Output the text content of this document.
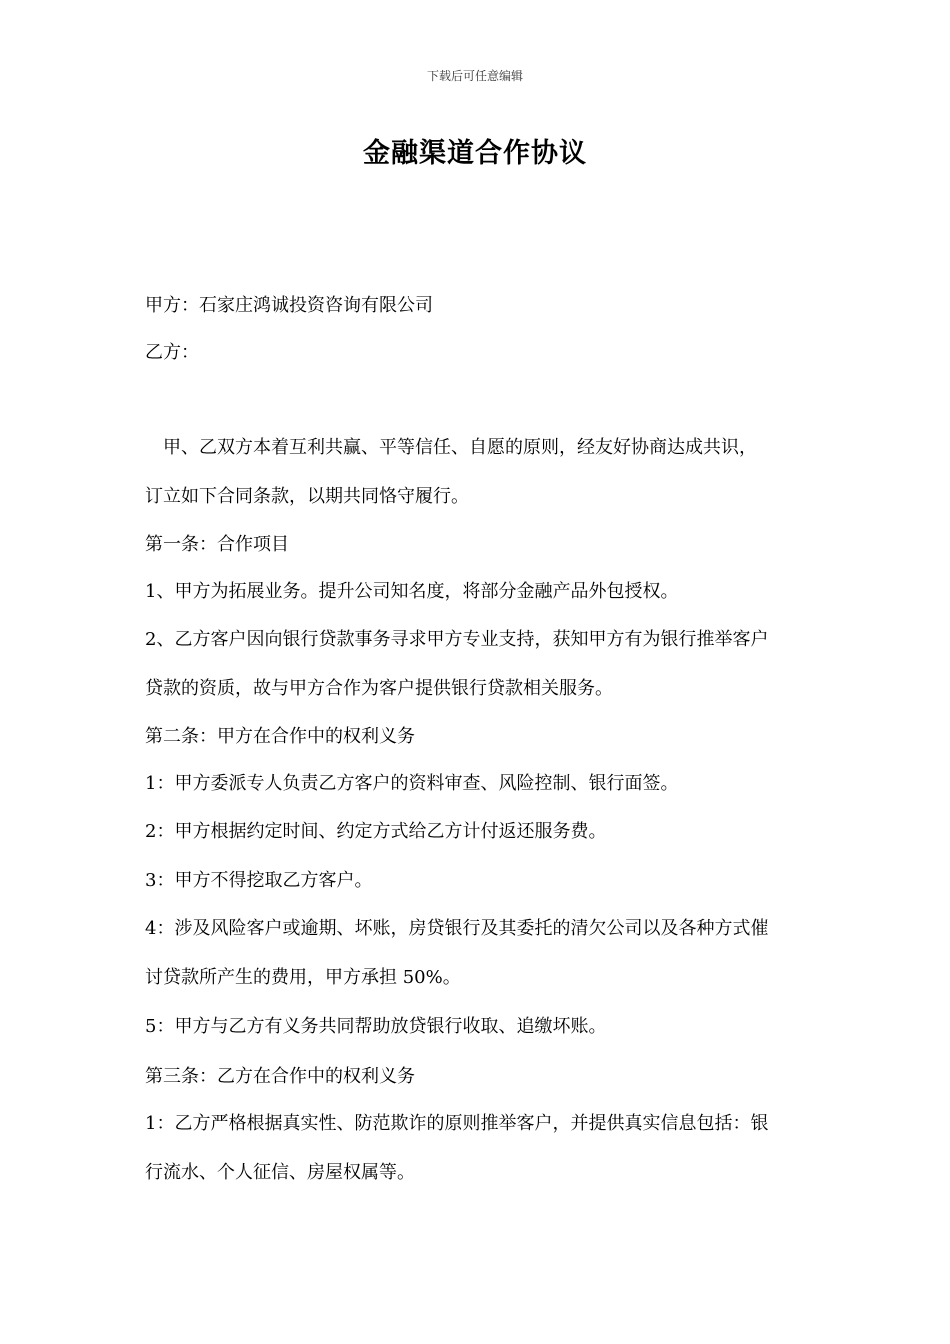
下载后可任意编辑
金融渠道合作协议
甲方：石家庄鸿诚投资咨询有限公司
乙方：
　甲、乙双方本着互利共赢、平等信任、自愿的原则，经友好协商达成共识，
订立如下合同条款，以期共同恪守履行。
第一条：合作项目
1、甲方为拓展业务。提升公司知名度，将部分金融产品外包授权。
2、乙方客户因向银行贷款事务寻求甲方专业支持，获知甲方有为银行推举客户
贷款的资质，故与甲方合作为客户提供银行贷款相关服务。
第二条：甲方在合作中的权利义务
1：甲方委派专人负责乙方客户的资料审查、风险控制、银行面签。
2：甲方根据约定时间、约定方式给乙方计付返还服务费。
3：甲方不得挖取乙方客户。
4：涉及风险客户或逾期、坏账，房贷银行及其委托的清欠公司以及各种方式催
讨贷款所产生的费用，甲方承担 50%。
5：甲方与乙方有义务共同帮助放贷银行收取、追缴坏账。
第三条：乙方在合作中的权利义务
1：乙方严格根据真实性、防范欺诈的原则推举客户，并提供真实信息包括：银
行流水、个人征信、房屋权属等。
